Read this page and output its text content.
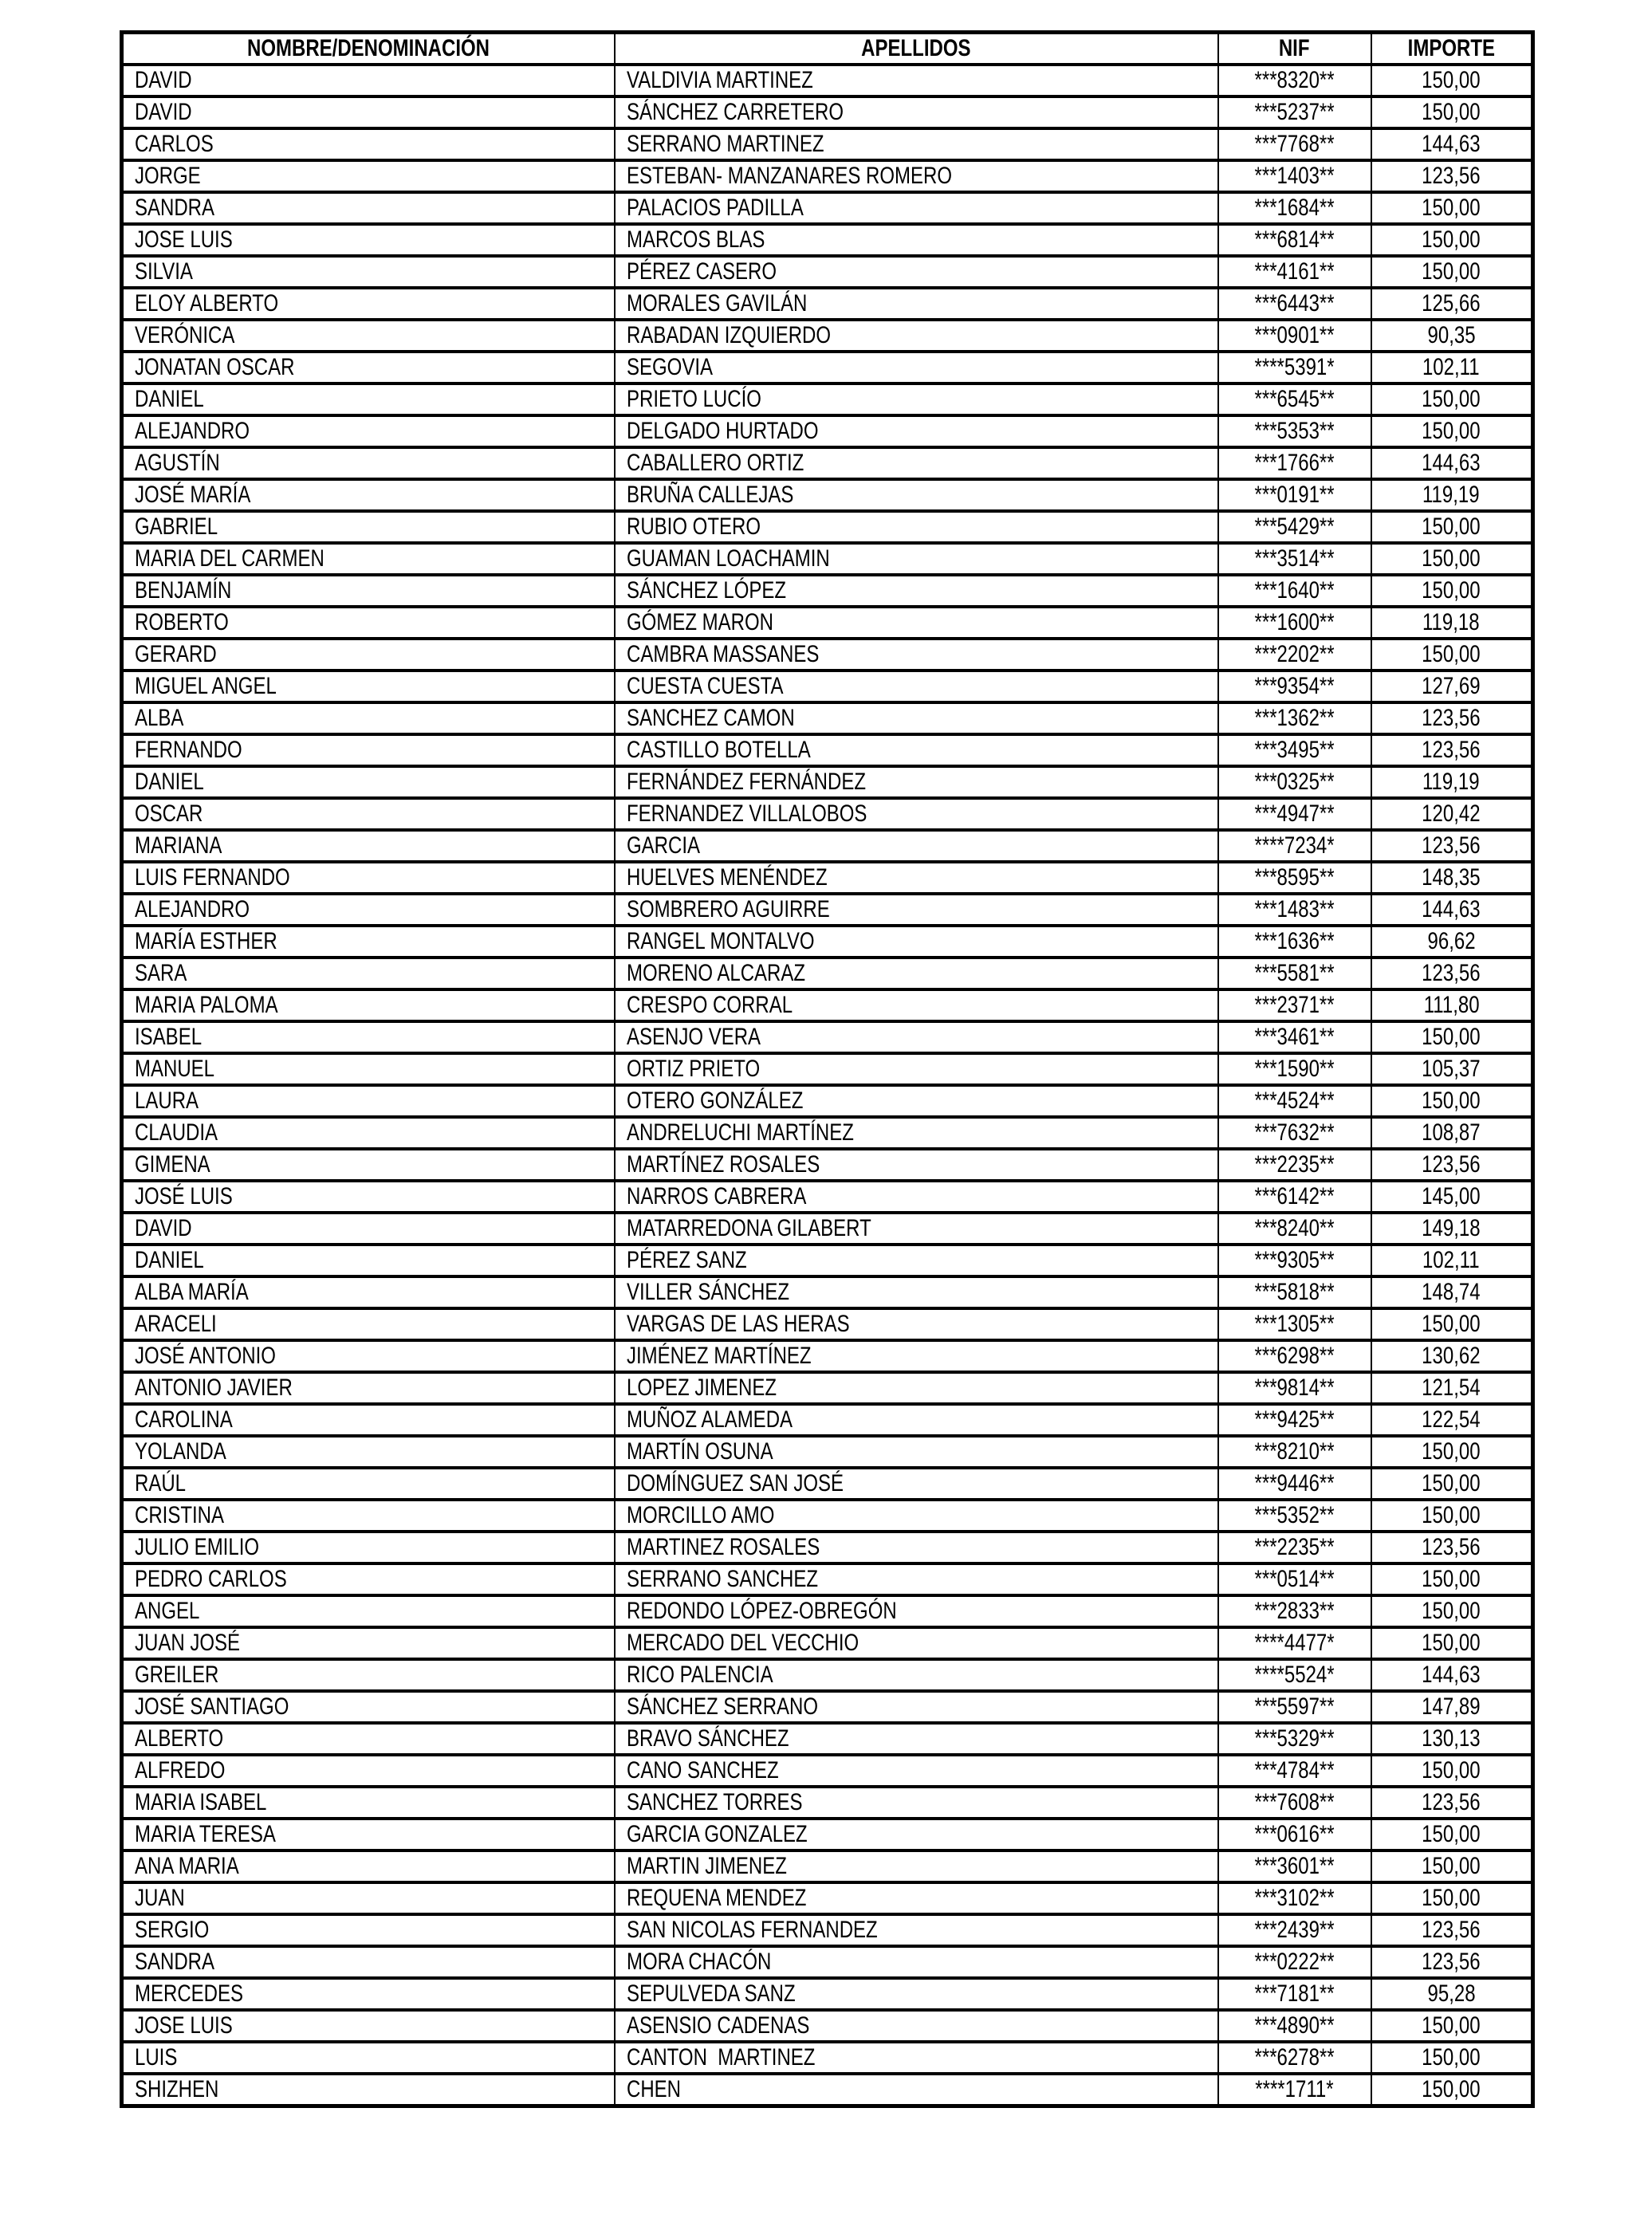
NOMBRE/DENOMINACIÓN	APELLIDOS	NIF	IMPORTE
DAVID	VALDIVIA MARTINEZ	***8320**	150,00
DAVID	SÁNCHEZ CARRETERO	***5237**	150,00
CARLOS	SERRANO MARTINEZ	***7768**	144,63
JORGE	ESTEBAN- MANZANARES ROMERO	***1403**	123,56
SANDRA	PALACIOS PADILLA	***1684**	150,00
JOSE LUIS	MARCOS BLAS	***6814**	150,00
SILVIA	PÉREZ CASERO	***4161**	150,00
ELOY ALBERTO	MORALES GAVILÁN	***6443**	125,66
VERÓNICA	RABADAN IZQUIERDO	***0901**	90,35
JONATAN OSCAR	SEGOVIA	****5391*	102,11
DANIEL	PRIETO LUCÍO	***6545**	150,00
ALEJANDRO	DELGADO HURTADO	***5353**	150,00
AGUSTÍN	CABALLERO ORTIZ	***1766**	144,63
JOSÉ MARÍA	BRUÑA CALLEJAS	***0191**	119,19
GABRIEL	RUBIO OTERO	***5429**	150,00
MARIA DEL CARMEN	GUAMAN LOACHAMIN	***3514**	150,00
BENJAMÍN	SÁNCHEZ LÓPEZ	***1640**	150,00
ROBERTO	GÓMEZ MARON	***1600**	119,18
GERARD	CAMBRA MASSANES	***2202**	150,00
MIGUEL ANGEL	CUESTA CUESTA	***9354**	127,69
ALBA	SANCHEZ CAMON	***1362**	123,56
FERNANDO	CASTILLO BOTELLA	***3495**	123,56
DANIEL	FERNÁNDEZ FERNÁNDEZ	***0325**	119,19
OSCAR	FERNANDEZ VILLALOBOS	***4947**	120,42
MARIANA	GARCIA	****7234*	123,56
LUIS FERNANDO	HUELVES MENÉNDEZ	***8595**	148,35
ALEJANDRO	SOMBRERO AGUIRRE	***1483**	144,63
MARÍA ESTHER	RANGEL MONTALVO	***1636**	96,62
SARA	MORENO ALCARAZ	***5581**	123,56
MARIA PALOMA	CRESPO CORRAL	***2371**	111,80
ISABEL	ASENJO VERA	***3461**	150,00
MANUEL	ORTIZ PRIETO	***1590**	105,37
LAURA	OTERO GONZÁLEZ	***4524**	150,00
CLAUDIA	ANDRELUCHI MARTÍNEZ	***7632**	108,87
GIMENA	MARTÍNEZ ROSALES	***2235**	123,56
JOSÉ LUIS	NARROS CABRERA	***6142**	145,00
DAVID	MATARREDONA GILABERT	***8240**	149,18
DANIEL	PÉREZ SANZ	***9305**	102,11
ALBA MARÍA	VILLER SÁNCHEZ	***5818**	148,74
ARACELI	VARGAS DE LAS HERAS	***1305**	150,00
JOSÉ ANTONIO	JIMÉNEZ MARTÍNEZ	***6298**	130,62
ANTONIO JAVIER	LOPEZ JIMENEZ	***9814**	121,54
CAROLINA	MUÑOZ ALAMEDA	***9425**	122,54
YOLANDA	MARTÍN OSUNA	***8210**	150,00
RAÚL	DOMÍNGUEZ SAN JOSÉ	***9446**	150,00
CRISTINA	MORCILLO AMO	***5352**	150,00
JULIO EMILIO	MARTINEZ ROSALES	***2235**	123,56
PEDRO CARLOS	SERRANO SANCHEZ	***0514**	150,00
ANGEL	REDONDO LÓPEZ-OBREGÓN	***2833**	150,00
JUAN JOSÉ	MERCADO DEL VECCHIO	****4477*	150,00
GREILER	RICO PALENCIA	****5524*	144,63
JOSÉ SANTIAGO	SÁNCHEZ SERRANO	***5597**	147,89
ALBERTO	BRAVO SÁNCHEZ	***5329**	130,13
ALFREDO	CANO SANCHEZ	***4784**	150,00
MARIA ISABEL	SANCHEZ TORRES	***7608**	123,56
MARIA TERESA	GARCIA GONZALEZ	***0616**	150,00
ANA MARIA	MARTIN JIMENEZ	***3601**	150,00
JUAN	REQUENA MENDEZ	***3102**	150,00
SERGIO	SAN NICOLAS FERNANDEZ	***2439**	123,56
SANDRA	MORA CHACÓN	***0222**	123,56
MERCEDES	SEPULVEDA SANZ	***7181**	95,28
JOSE LUIS	ASENSIO CADENAS	***4890**	150,00
LUIS	CANTON  MARTINEZ	***6278**	150,00
SHIZHEN	CHEN	****1711*	150,00
